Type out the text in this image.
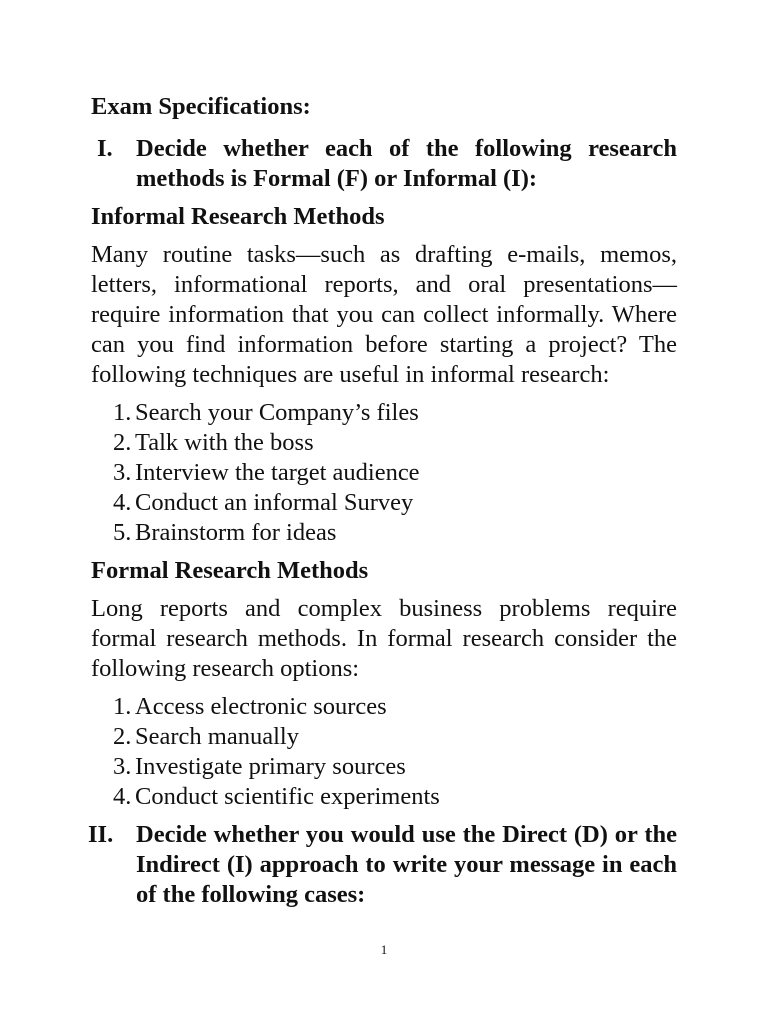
Exam Specifications:

I. Decide whether each of the following research methods is Formal (F) or Informal (I):

Informal Research Methods

Many routine tasks—such as drafting e-mails, memos, letters, informational reports, and oral presentations—require information that you can collect informally. Where can you find information before starting a project? The following techniques are useful in informal research:

1. Search your Company’s files
2. Talk with the boss
3. Interview the target audience
4. Conduct an informal Survey
5. Brainstorm for ideas

Formal Research Methods

Long reports and complex business problems require formal research methods. In formal research consider the following research options:

1. Access electronic sources
2. Search manually
3. Investigate primary sources
4. Conduct scientific experiments
II. Decide whether you would use the Direct (D) or the Indirect (I) approach to write your message in each of the following cases:
1
